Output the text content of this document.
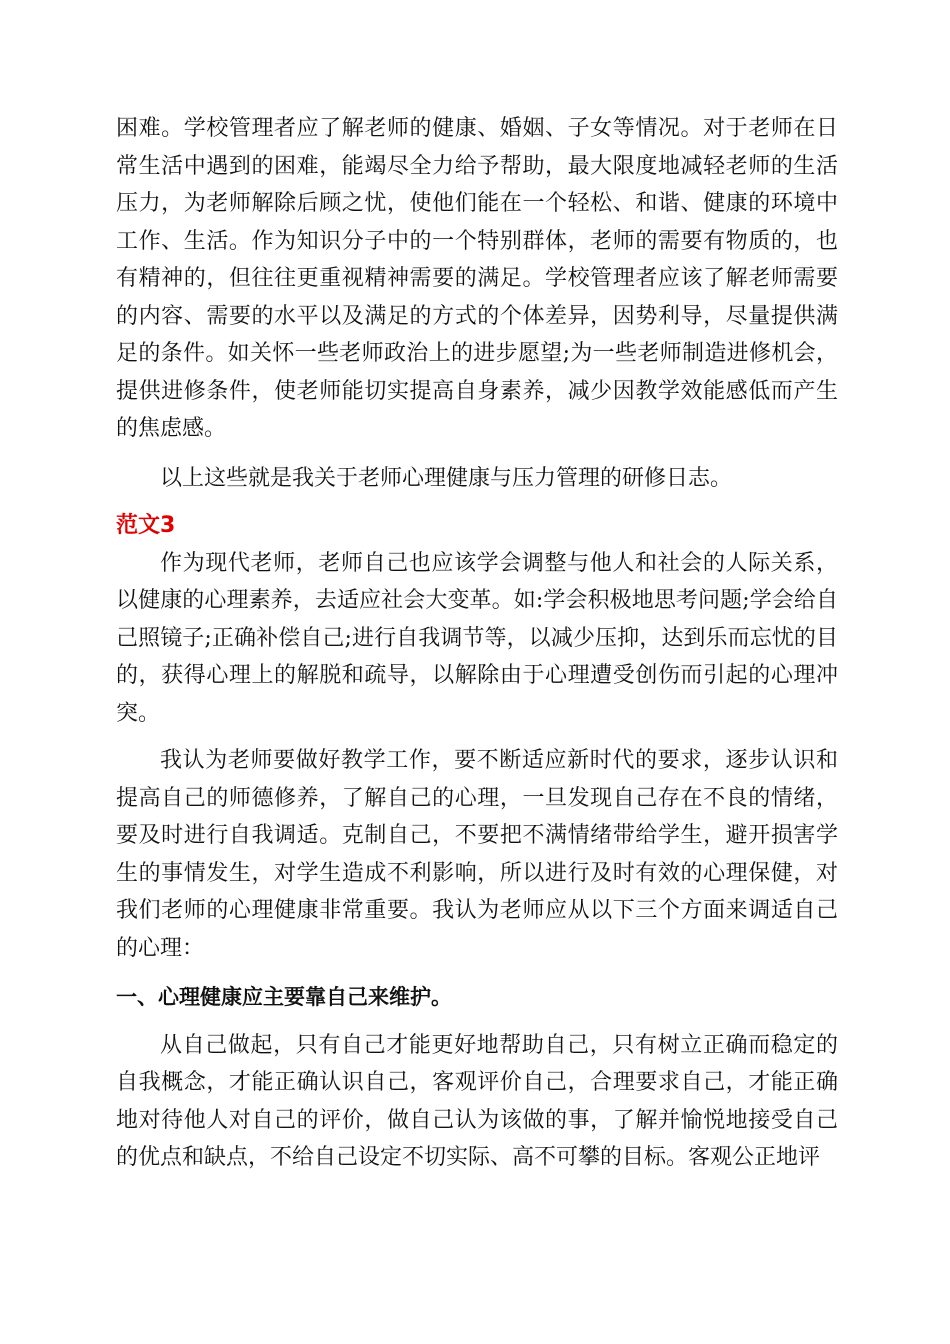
困难。学校管理者应了解老师的健康、婚姻、子女等情况。对于老师在日常生活中遇到的困难，能竭尽全力给予帮助，最大限度地减轻老师的生活压力，为老师解除后顾之忧，使他们能在一个轻松、和谐、健康的环境中工作、生活。作为知识分子中的一个特别群体，老师的需要有物质的，也有精神的，但往往更重视精神需要的满足。学校管理者应该了解老师需要的内容、需要的水平以及满足的方式的个体差异，因势利导，尽量提供满足的条件。如关怀一些老师政治上的进步愿望;为一些老师制造进修机会，提供进修条件，使老师能切实提高自身素养，减少因教学效能感低而产生的焦虑感。

以上这些就是我关于老师心理健康与压力管理的研修日志。

范文3

作为现代老师，老师自己也应该学会调整与他人和社会的人际关系，以健康的心理素养，去适应社会大变革。如:学会积极地思考问题;学会给自己照镜子;正确补偿自己;进行自我调节等，以减少压抑，达到乐而忘忧的目的，获得心理上的解脱和疏导，以解除由于心理遭受创伤而引起的心理冲突。

我认为老师要做好教学工作，要不断适应新时代的要求，逐步认识和提高自己的师德修养，了解自己的心理，一旦发现自己存在不良的情绪，要及时进行自我调适。克制自己，不要把不满情绪带给学生，避开损害学生的事情发生，对学生造成不利影响，所以进行及时有效的心理保健，对我们老师的心理健康非常重要。我认为老师应从以下三个方面来调适自己的心理：

一、心理健康应主要靠自己来维护。

从自己做起，只有自己才能更好地帮助自己，只有树立正确而稳定的自我概念，才能正确认识自己，客观评价自己，合理要求自己，才能正确地对待他人对自己的评价，做自己认为该做的事，了解并愉悦地接受自己的优点和缺点，不给自己设定不切实际、高不可攀的目标。客观公正地评
